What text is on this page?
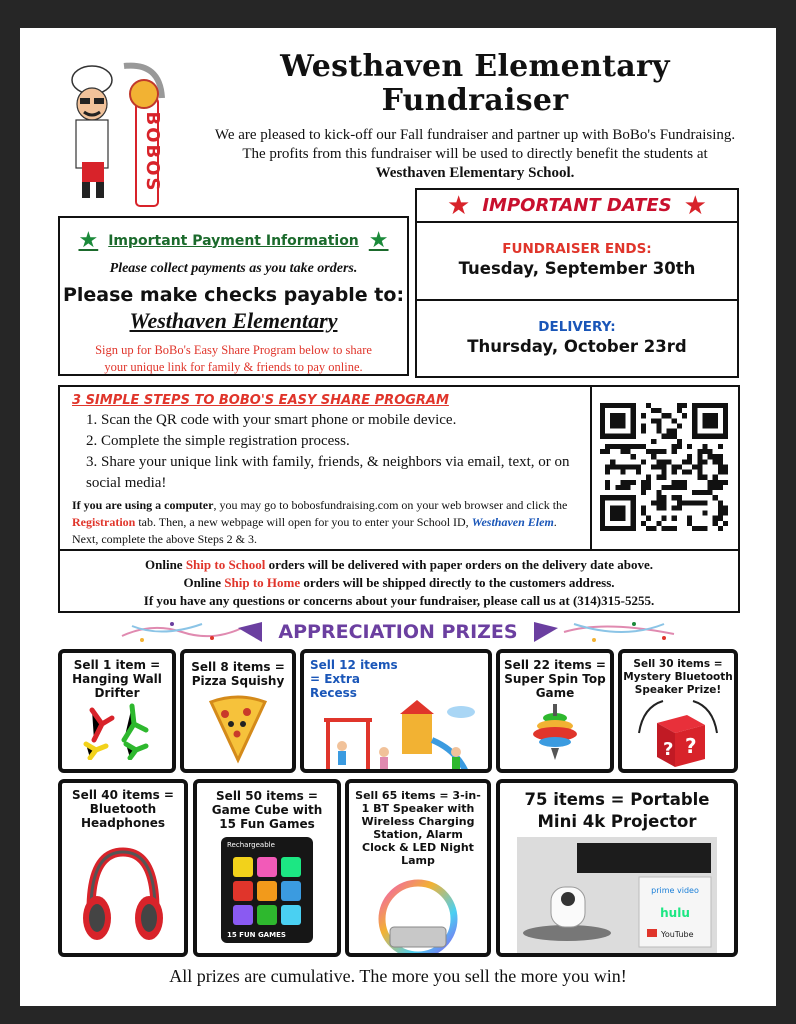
BOBOS
Westhaven Elementary
Fundraiser
We are pleased to kick-off our Fall fundraiser and partner up with BoBo's Fundraising.
The profits from this fundraiser will be used to directly benefit the students at
Westhaven Elementary School.
★ Important Payment Information ★
Please collect payments as you take orders.
Please make checks payable to:
Westhaven Elementary
Sign up for BoBo's Easy Share Program below to share
your unique link for family & friends to pay online.
★ IMPORTANT DATES ★
FUNDRAISER ENDS:
Tuesday, September 30th
DELIVERY:
Thursday, October 23rd
3 SIMPLE STEPS TO BOBO'S EASY SHARE PROGRAM
1. Scan the QR code with your smart phone or mobile device.
2. Complete the simple registration process.
3. Share your unique link with family, friends, & neighbors via email, text, or on social media!
If you are using a computer, you may go to bobosfundraising.com on your web browser and click the Registration tab. Then, a new webpage will open for you to enter your School ID, Westhaven Elem. Next, complete the above Steps 2 & 3.
Online Ship to School orders will be delivered with paper orders on the delivery date above.
Online Ship to Home orders will be shipped directly to the customers address.
If you have any questions or concerns about your fundraiser, please call us at (314)315-5255.
APPRECIATION PRIZES
Sell 1 item = Hanging Wall Drifter
Sell 8 items = Pizza Squishy
Sell 12 items = Extra Recess
Sell 22 items = Super Spin Top Game
Sell 30 items = Mystery Bluetooth Speaker Prize!
? ?
Sell 40 items = Bluetooth Headphones
Sell 50 items = Game Cube with 15 Fun Games
Rechargeable
15 FUN GAMES
Sell 65 items = 3-in-1 BT Speaker with Wireless Charging Station, Alarm Clock & LED Night Lamp
75 items = Portable Mini 4k Projector
prime video
hulu
YouTube
All prizes are cumulative. The more you sell the more you win!
